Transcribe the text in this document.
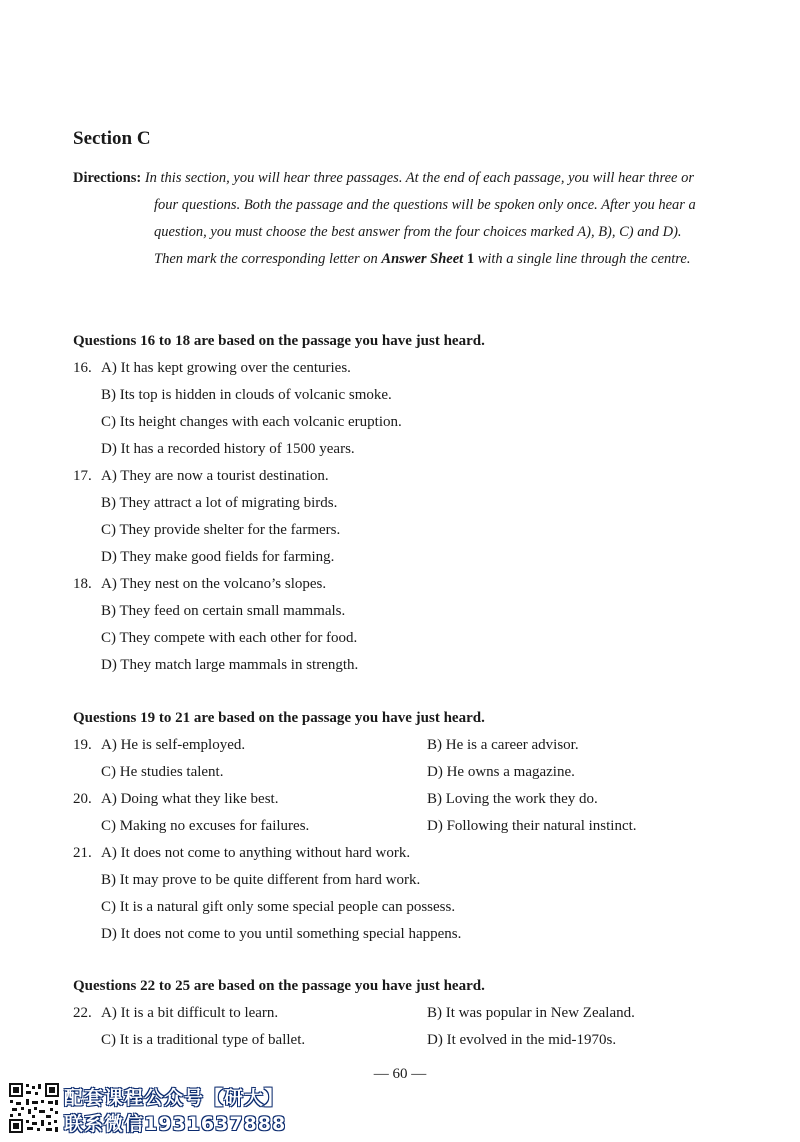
Section C
Directions: In this section, you will hear three passages. At the end of each passage, you will hear three or
four questions. Both the passage and the questions will be spoken only once. After you hear a
question, you must choose the best answer from the four choices marked A), B), C) and D).
Then mark the corresponding letter on Answer Sheet 1 with a single line through the centre.
Questions 16 to 18 are based on the passage you have just heard.
16. A) It has kept growing over the centuries.
B) Its top is hidden in clouds of volcanic smoke.
C) Its height changes with each volcanic eruption.
D) It has a recorded history of 1500 years.
17. A) They are now a tourist destination.
B) They attract a lot of migrating birds.
C) They provide shelter for the farmers.
D) They make good fields for farming.
18. A) They nest on the volcano’s slopes.
B) They feed on certain small mammals.
C) They compete with each other for food.
D) They match large mammals in strength.
Questions 19 to 21 are based on the passage you have just heard.
19. A) He is self-employed.	B) He is a career advisor.
C) He studies talent.	D) He owns a magazine.
20. A) Doing what they like best.	B) Loving the work they do.
C) Making no excuses for failures.	D) Following their natural instinct.
21. A) It does not come to anything without hard work.
B) It may prove to be quite different from hard work.
C) It is a natural gift only some special people can possess.
D) It does not come to you until something special happens.
Questions 22 to 25 are based on the passage you have just heard.
22. A) It is a bit difficult to learn.	B) It was popular in New Zealand.
C) It is a traditional type of ballet.	D) It evolved in the mid-1970s.
— 60 —
配套课程公众号【研大】
联系微信1931637888
